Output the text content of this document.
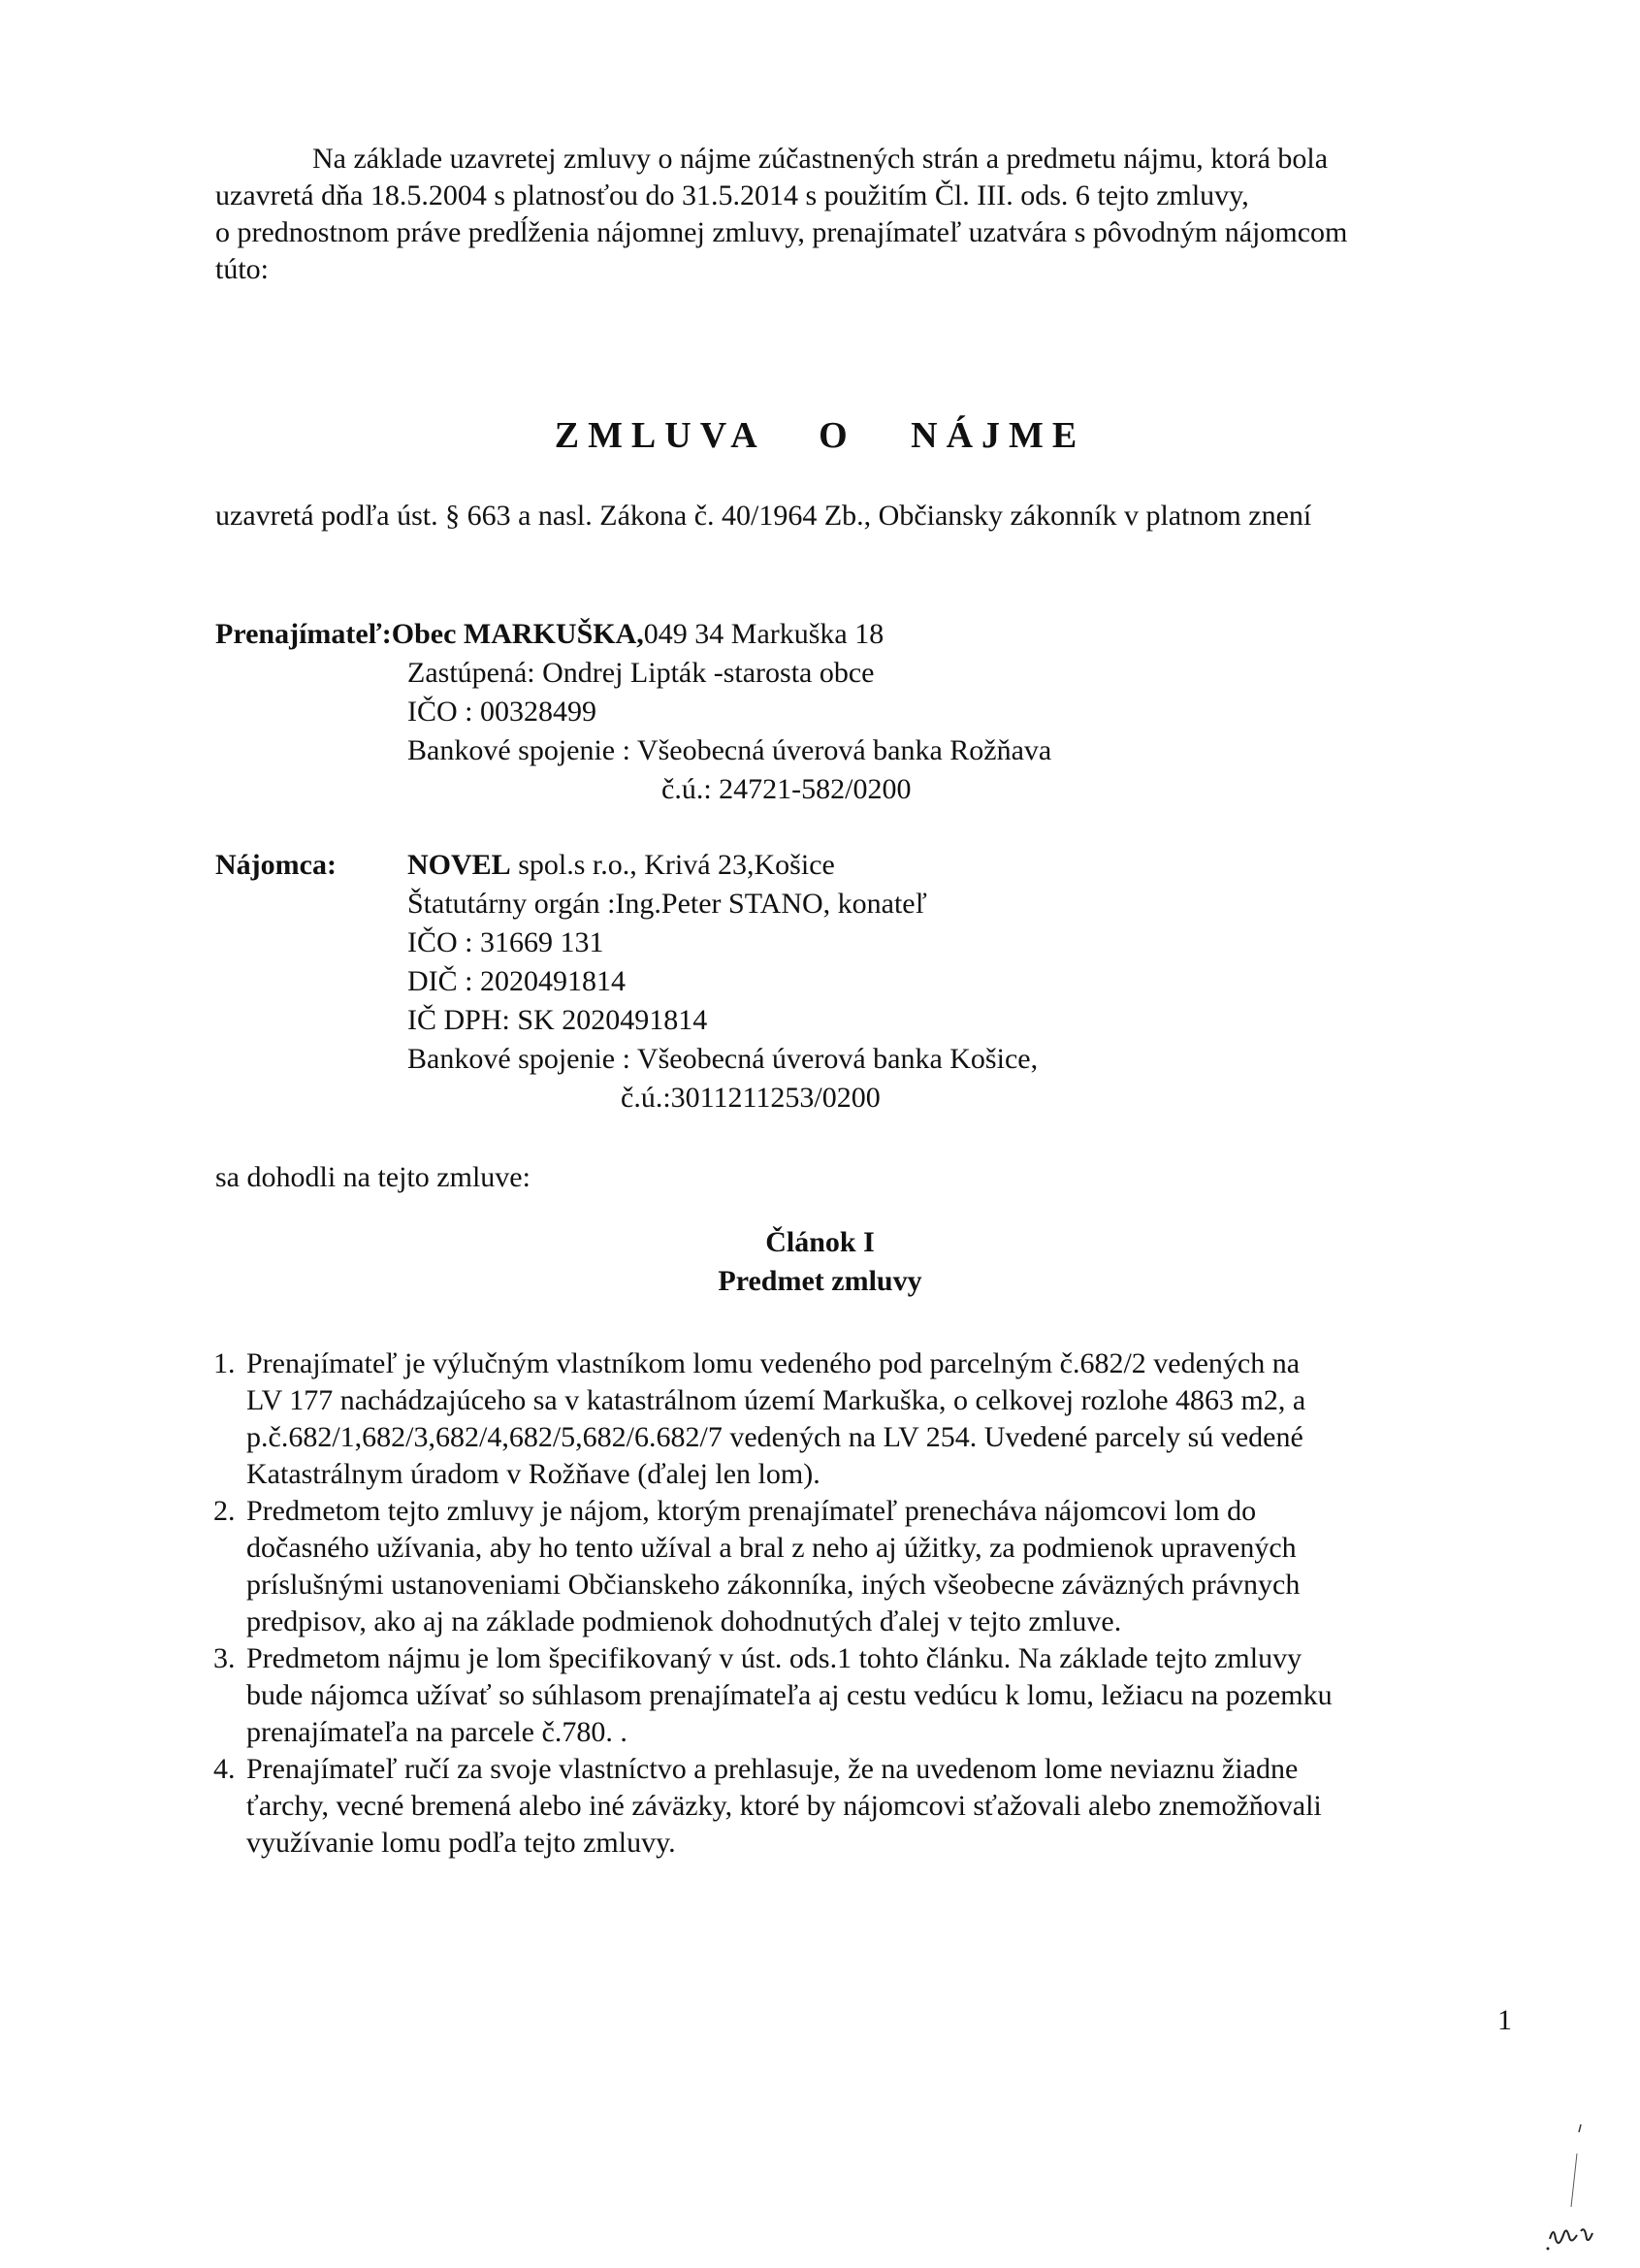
Na základe uzavretej zmluvy o nájme zúčastnených strán a predmetu nájmu, ktorá bola

uzavretá dňa 18.5.2004 s platnosťou do 31.5.2014 s použitím Čl. III. ods. 6 tejto zmluvy,

o prednostnom práve predĺženia nájomnej zmluvy, prenajímateľ uzatvára s pôvodným nájomcom

túto:

ZMLUVA O NÁJME
uzavretá podľa úst. § 663 a nasl. Zákona č. 40/1964 Zb., Občiansky zákonník v platnom znení
Prenajímateľ:Obec MARKUŠKA,049 34 Markuška 18
Zastúpená: Ondrej Lipták -starosta obce
IČO : 00328499
Bankové spojenie : Všeobecná úverová banka Rožňava
č.ú.: 24721-582/0200
Nájomca: NOVEL spol.s r.o., Krivá 23,Košice
Štatutárny orgán :Ing.Peter STANO, konateľ
IČO : 31669 131
DIČ : 2020491814
IČ DPH: SK 2020491814
Bankové spojenie : Všeobecná úverová banka Košice,
č.ú.:3011211253/0200
sa dohodli na tejto zmluve:
Článok I
Predmet zmluvy
1. Prenajímateľ je výlučným vlastníkom lomu vedeného pod parcelným č.682/2 vedených na
LV 177 nachádzajúceho sa v katastrálnom území Markuška, o celkovej rozlohe 4863 m2, a
p.č.682/1,682/3,682/4,682/5,682/6.682/7 vedených na LV 254. Uvedené parcely sú vedené
Katastrálnym úradom v Rožňave (ďalej len lom).
2. Predmetom tejto zmluvy je nájom, ktorým prenajímateľ prenecháva nájomcovi lom do
dočasného užívania, aby ho tento užíval a bral z neho aj úžitky, za podmienok upravených
príslušnými ustanoveniami Občianskeho zákonníka, iných všeobecne záväzných právnych
predpisov, ako aj na základe podmienok dohodnutých ďalej v tejto zmluve.
3. Predmetom nájmu je lom špecifikovaný v úst. ods.1 tohto článku. Na základe tejto zmluvy
bude nájomca užívať so súhlasom prenajímateľa aj cestu vedúcu k lomu, ležiacu na pozemku
prenajímateľa na parcele č.780. .
4. Prenajímateľ ručí za svoje vlastníctvo a prehlasuje, že na uvedenom lome neviaznu žiadne
ťarchy, vecné bremená alebo iné záväzky, ktoré by nájomcovi sťažovali alebo znemožňovali
využívanie lomu podľa tejto zmluvy.
1
